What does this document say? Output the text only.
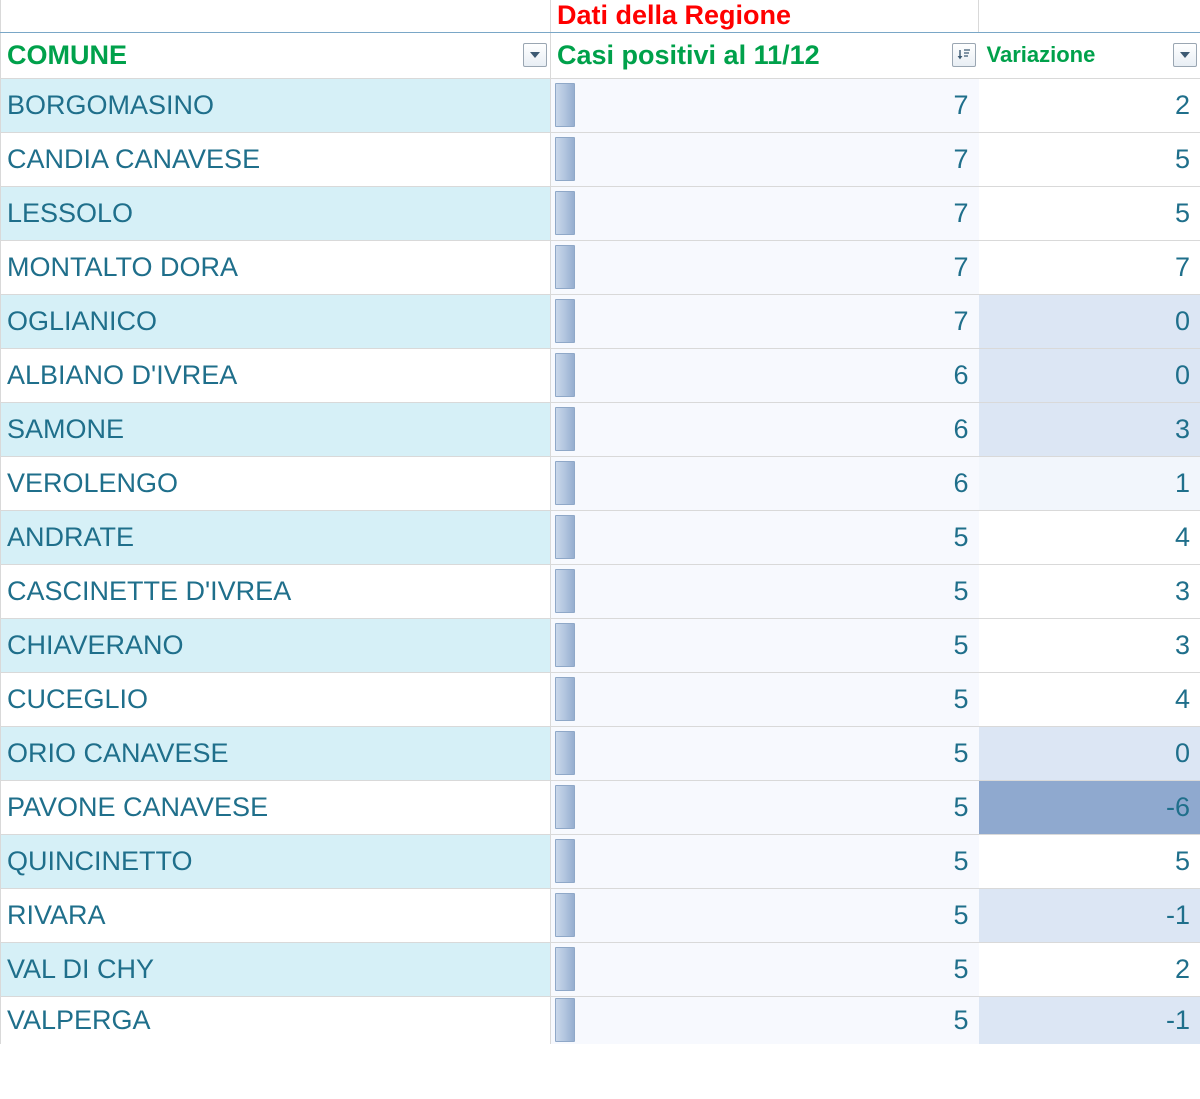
	Dati della Regione		

COMUNE	Casi positivi al 11/12		Variazione

BORGOMASINO		7	2
CANDIA CANAVESE		7	5
LESSOLO		7	5
MONTALTO DORA		7	7
OGLIANICO		7	0
ALBIANO D'IVREA		6	0
SAMONE		6	3
VEROLENGO		6	1
ANDRATE		5	4
CASCINETTE D'IVREA		5	3
CHIAVERANO		5	3
CUCEGLIO		5	4
ORIO CANAVESE		5	0
PAVONE CANAVESE		5	-6
QUINCINETTO		5	5
RIVARA		5	-1
VAL DI CHY		5	2
VALPERGA		5	-1
